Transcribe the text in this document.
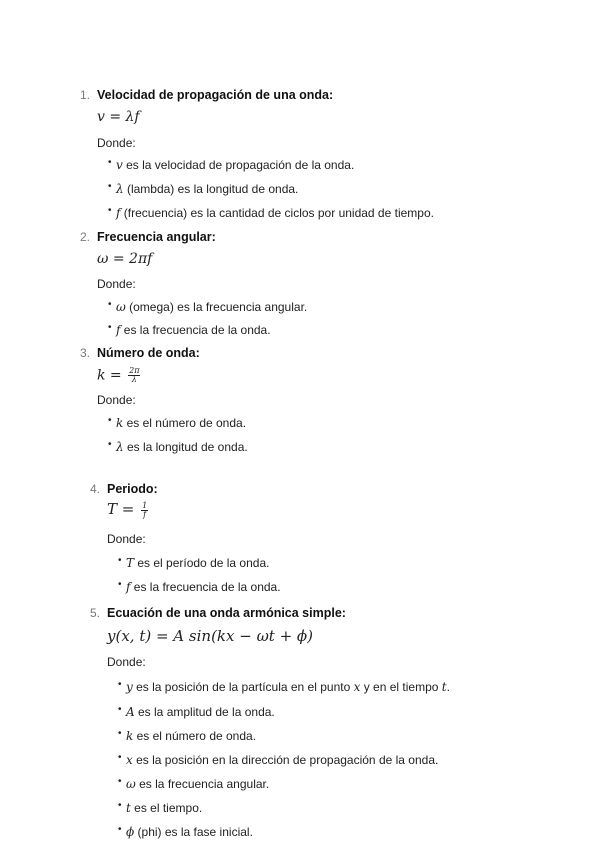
1. Velocidad de propagación de una onda:
v = λf
Donde:
• v es la velocidad de propagación de la onda.
• λ (lambda) es la longitud de onda.
• f (frecuencia) es la cantidad de ciclos por unidad de tiempo.
2. Frecuencia angular:
ω = 2πf
Donde:
• ω (omega) es la frecuencia angular.
• f es la frecuencia de la onda.
3. Número de onda:
$k = \frac{2\pi}{\lambda}$
Donde:
• k es el número de onda.
• λ es la longitud de onda.
4. Periodo:
$T = \frac{1}{f}$
Donde:
• T es el período de la onda.
• f es la frecuencia de la onda.
5. Ecuación de una onda armónica simple:
y(x, t) = A sin(kx − ωt + ϕ)
Donde:
• y es la posición de la partícula en el punto x y en el tiempo t.
• A es la amplitud de la onda.
• k es el número de onda.
• x es la posición en la dirección de propagación de la onda.
• ω es la frecuencia angular.
• t es el tiempo.
• ϕ (phi) es la fase inicial.
